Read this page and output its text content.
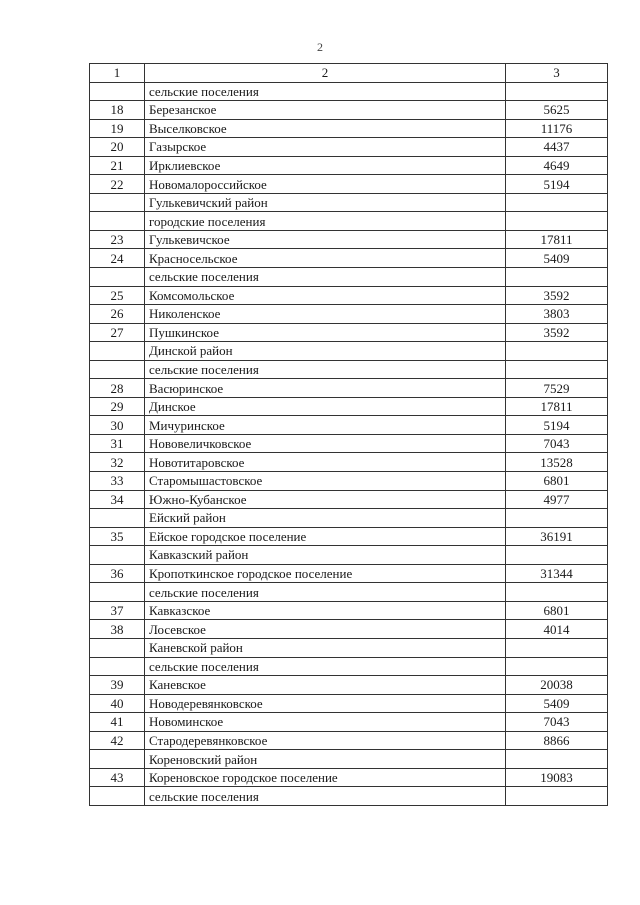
2
1	2	3
	сельские поселения	
18	Березанское	5625
19	Выселковское	11176
20	Газырское	4437
21	Ирклиевское	4649
22	Новомалороссийское	5194
	Гулькевичский район	
	городские поселения	
23	Гулькевичское	17811
24	Красносельское	5409
	сельские поселения	
25	Комсомольское	3592
26	Николенское	3803
27	Пушкинское	3592
	Динской район	
	сельские поселения	
28	Васюринское	7529
29	Динское	17811
30	Мичуринское	5194
31	Нововеличковское	7043
32	Новотитаровское	13528
33	Старомышастовское	6801
34	Южно-Кубанское	4977
	Ейский район	
35	Ейское городское поселение	36191
	Кавказский район	
36	Кропоткинское городское поселение	31344
	сельские поселения	
37	Кавказское	6801
38	Лосевское	4014
	Каневской район	
	сельские поселения	
39	Каневское	20038
40	Новодеревянковское	5409
41	Новоминское	7043
42	Стародеревянковское	8866
	Кореновский район	
43	Кореновское городское поселение	19083
	сельские поселения	
